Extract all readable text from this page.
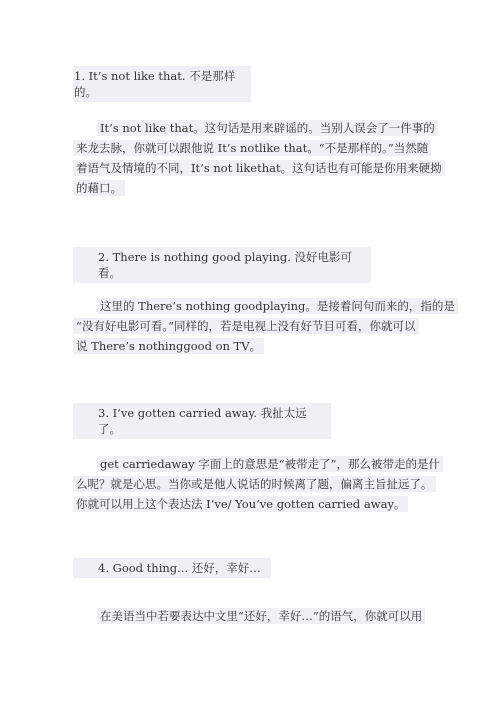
1. It’s not like that. 不是那样的。
It’s not like that。这句话是用来辟谣的。当别人误会了一件事的
来龙去脉，你就可以跟他说 It’s notlike that。“不是那样的。”当然随
着语气及情境的不同，It’s not likethat。这句话也有可能是你用来硬拗
的藉口。
2. There is nothing good playing. 没好电影可看。
这里的 There’s nothing goodplaying。是接着问句而来的，指的是
“没有好电影可看。”同样的，若是电视上没有好节目可看，你就可以
说 There’s nothinggood on TV。
3. I’ve gotten carried away. 我扯太远了。
get carriedaway 字面上的意思是“被带走了”，那么被带走的是什
么呢？就是心思。当你或是他人说话的时候离了题，偏离主旨扯远了。
你就可以用上这个表达法 I’ve/ You’ve gotten carried away。
4. Good thing... 还好，幸好…
在美语当中若要表达中文里“还好，幸好…”的语气，你就可以用
